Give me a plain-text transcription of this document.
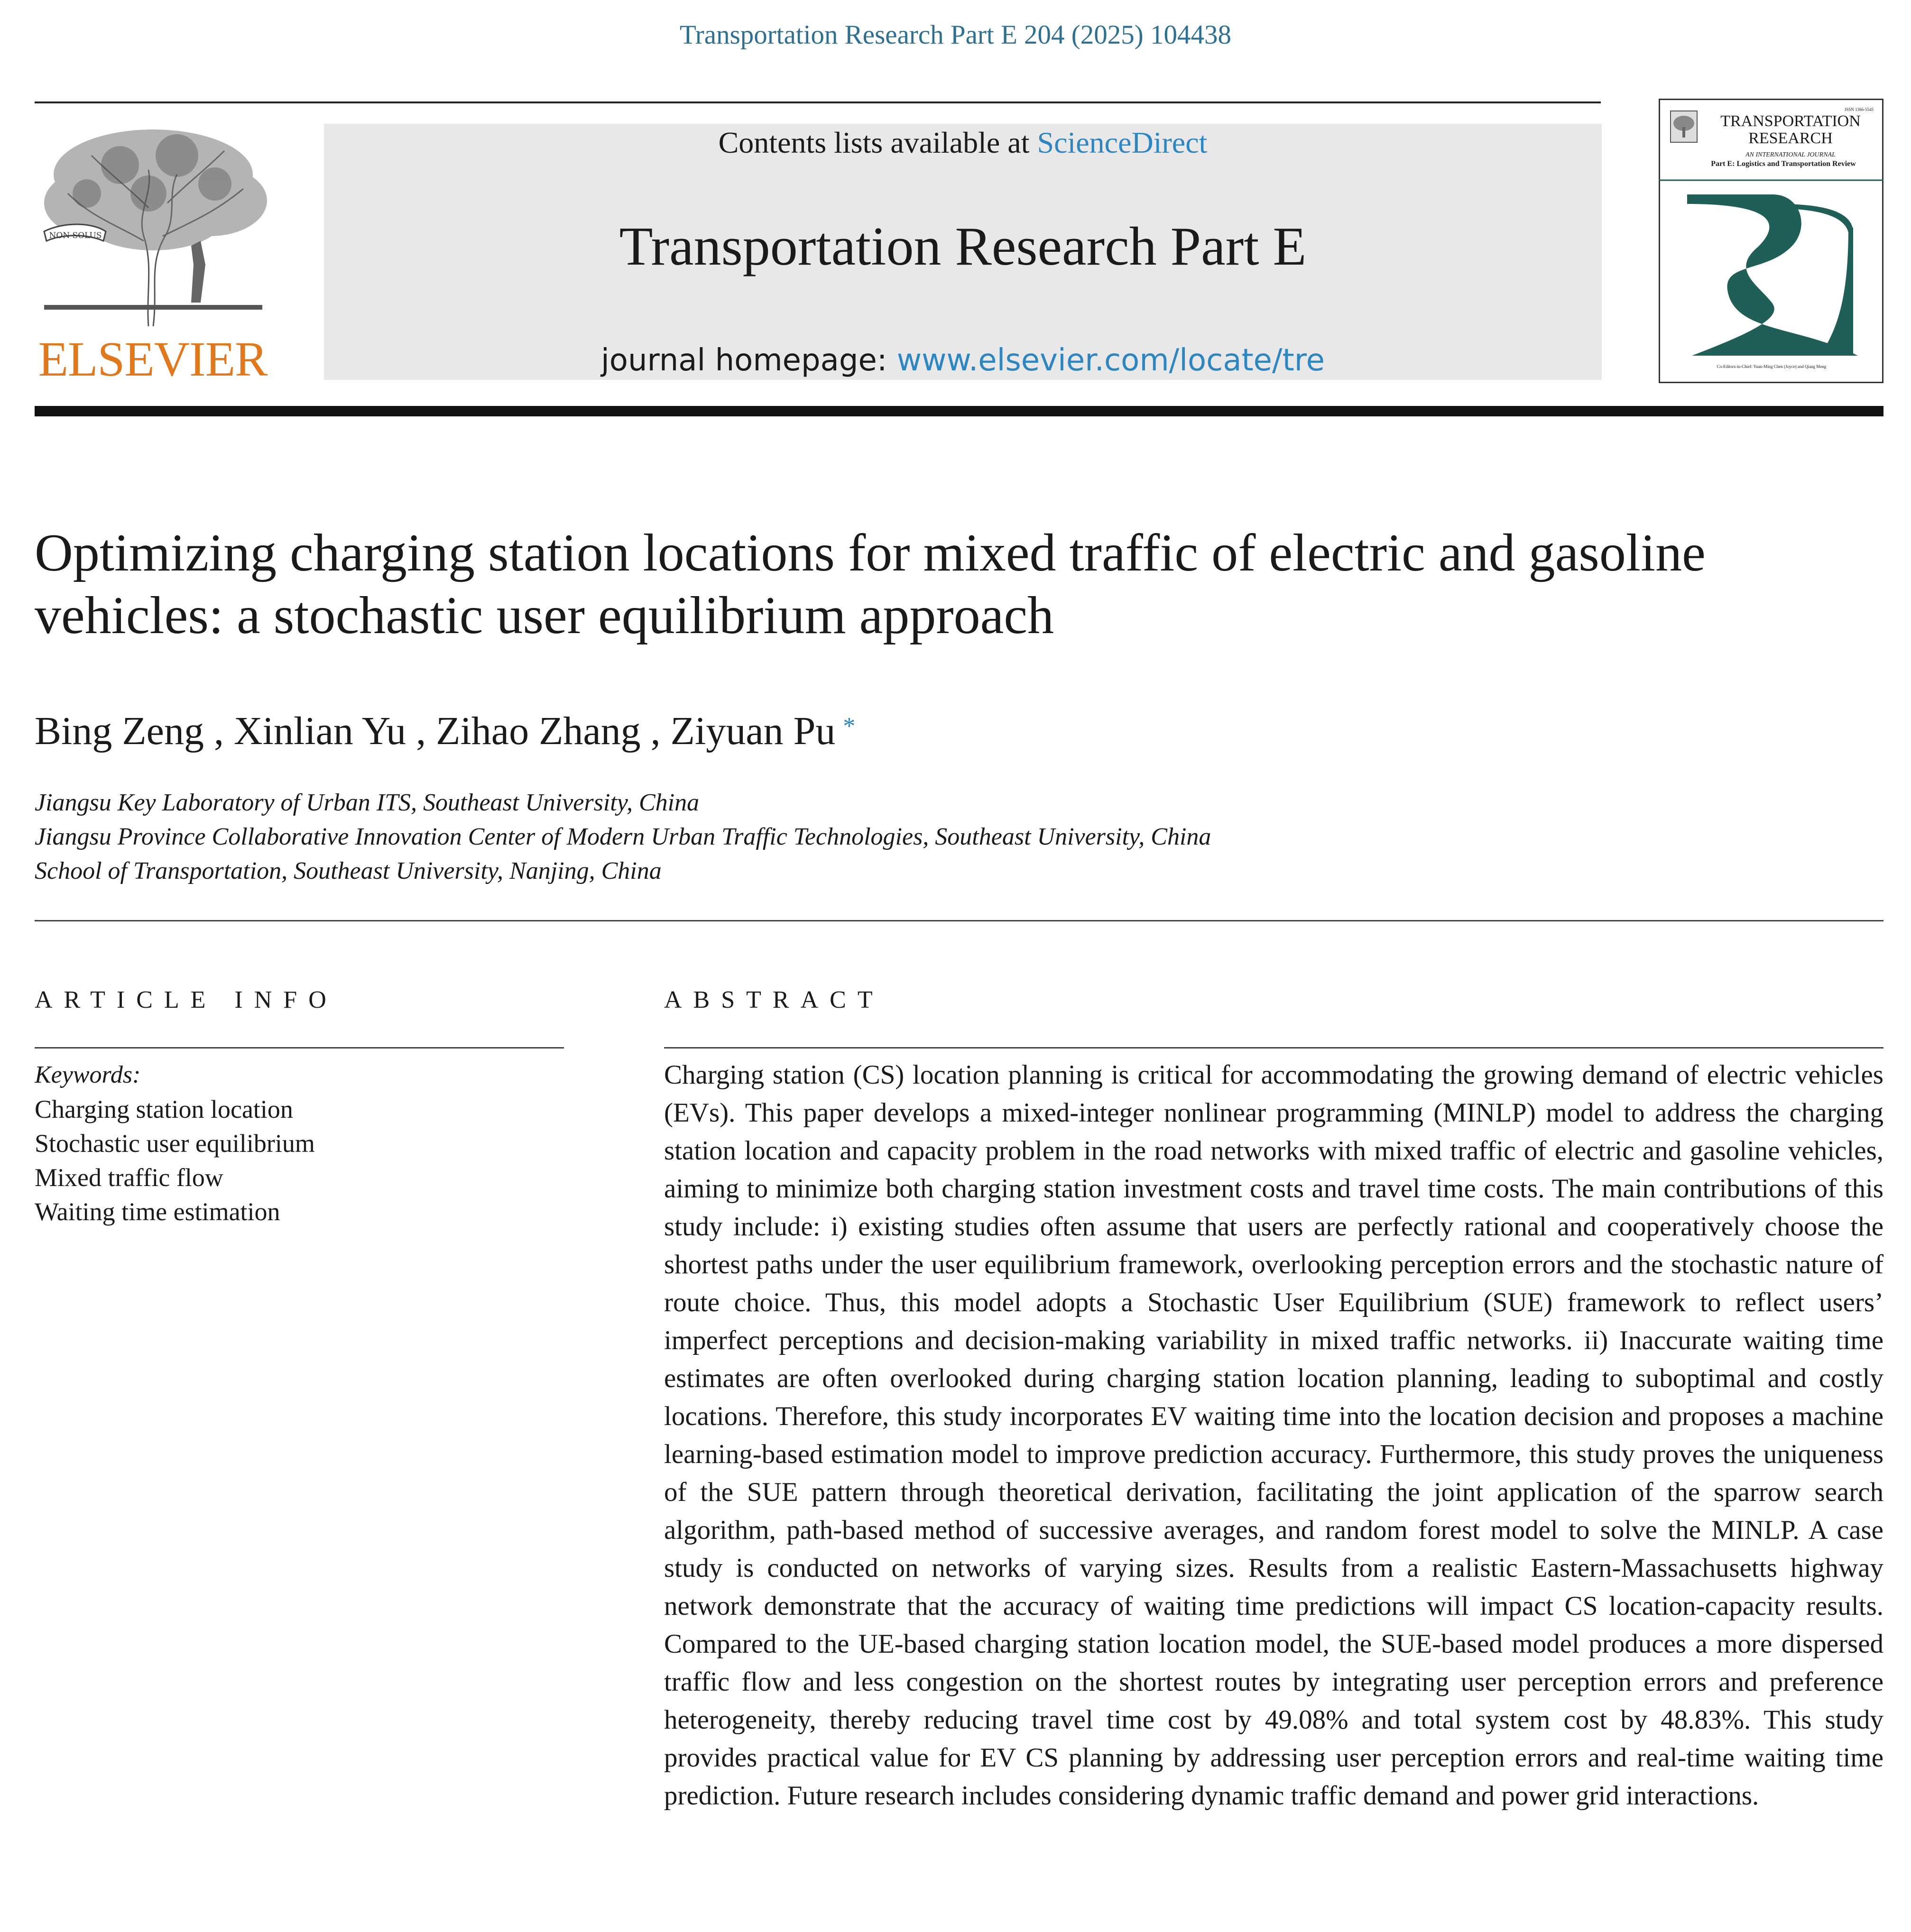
Transportation Research Part E 204 (2025) 104438
NON SOLUS
ELSEVIER
Contents lists available at ScienceDirect
Transportation Research Part E
journal homepage: www.elsevier.com/locate/tre
ISSN 1366-5545
TRANSPORTATION RESEARCH
AN INTERNATIONAL JOURNAL
Part E: Logistics and Transportation Review
Co-Editors-in-Chief: Yuan-Ming Chen (Joyce) and Qiang Meng
Optimizing charging station locations for mixed traffic of electric and gasoline vehicles: a stochastic user equilibrium approach
Bing Zeng , Xinlian Yu , Zihao Zhang , Ziyuan Pu *
Jiangsu Key Laboratory of Urban ITS, Southeast University, China
Jiangsu Province Collaborative Innovation Center of Modern Urban Traffic Technologies, Southeast University, China
School of Transportation, Southeast University, Nanjing, China
ARTICLE INFO	ABSTRACT
Keywords:
Charging station location
Stochastic user equilibrium
Mixed traffic flow
Waiting time estimation
Charging station (CS) location planning is critical for accommodating the growing demand of electric vehicles (EVs). This paper develops a mixed-integer nonlinear programming (MINLP) model to address the charging station location and capacity problem in the road networks with mixed traffic of electric and gasoline vehicles, aiming to minimize both charging station investment costs and travel time costs. The main contributions of this study include: i) existing studies often assume that users are perfectly rational and cooperatively choose the shortest paths under the user equilibrium framework, overlooking perception errors and the stochastic nature of route choice. Thus, this model adopts a Stochastic User Equilibrium (SUE) framework to reflect users’ imperfect perceptions and decision-making variability in mixed traffic networks. ii) Inaccurate waiting time estimates are often overlooked during charging station location planning, leading to suboptimal and costly locations. Therefore, this study incorporates EV waiting time into the location decision and proposes a machine learning-based estimation model to improve prediction accuracy. Furthermore, this study proves the uniqueness of the SUE pattern through theoretical derivation, facilitating the joint application of the sparrow search algorithm, path-based method of successive averages, and random forest model to solve the MINLP. A case study is conducted on networks of varying sizes. Results from a realistic Eastern-Massachusetts highway network demonstrate that the accuracy of waiting time predictions will impact CS location-capacity results. Compared to the UE-based charging station location model, the SUE-based model produces a more dispersed traffic flow and less congestion on the shortest routes by integrating user perception errors and preference heterogeneity, thereby reducing travel time cost by 49.08% and total system cost by 48.83%. This study provides practical value for EV CS planning by addressing user perception errors and real-time waiting time prediction. Future research includes considering dynamic traffic demand and power grid interactions.
